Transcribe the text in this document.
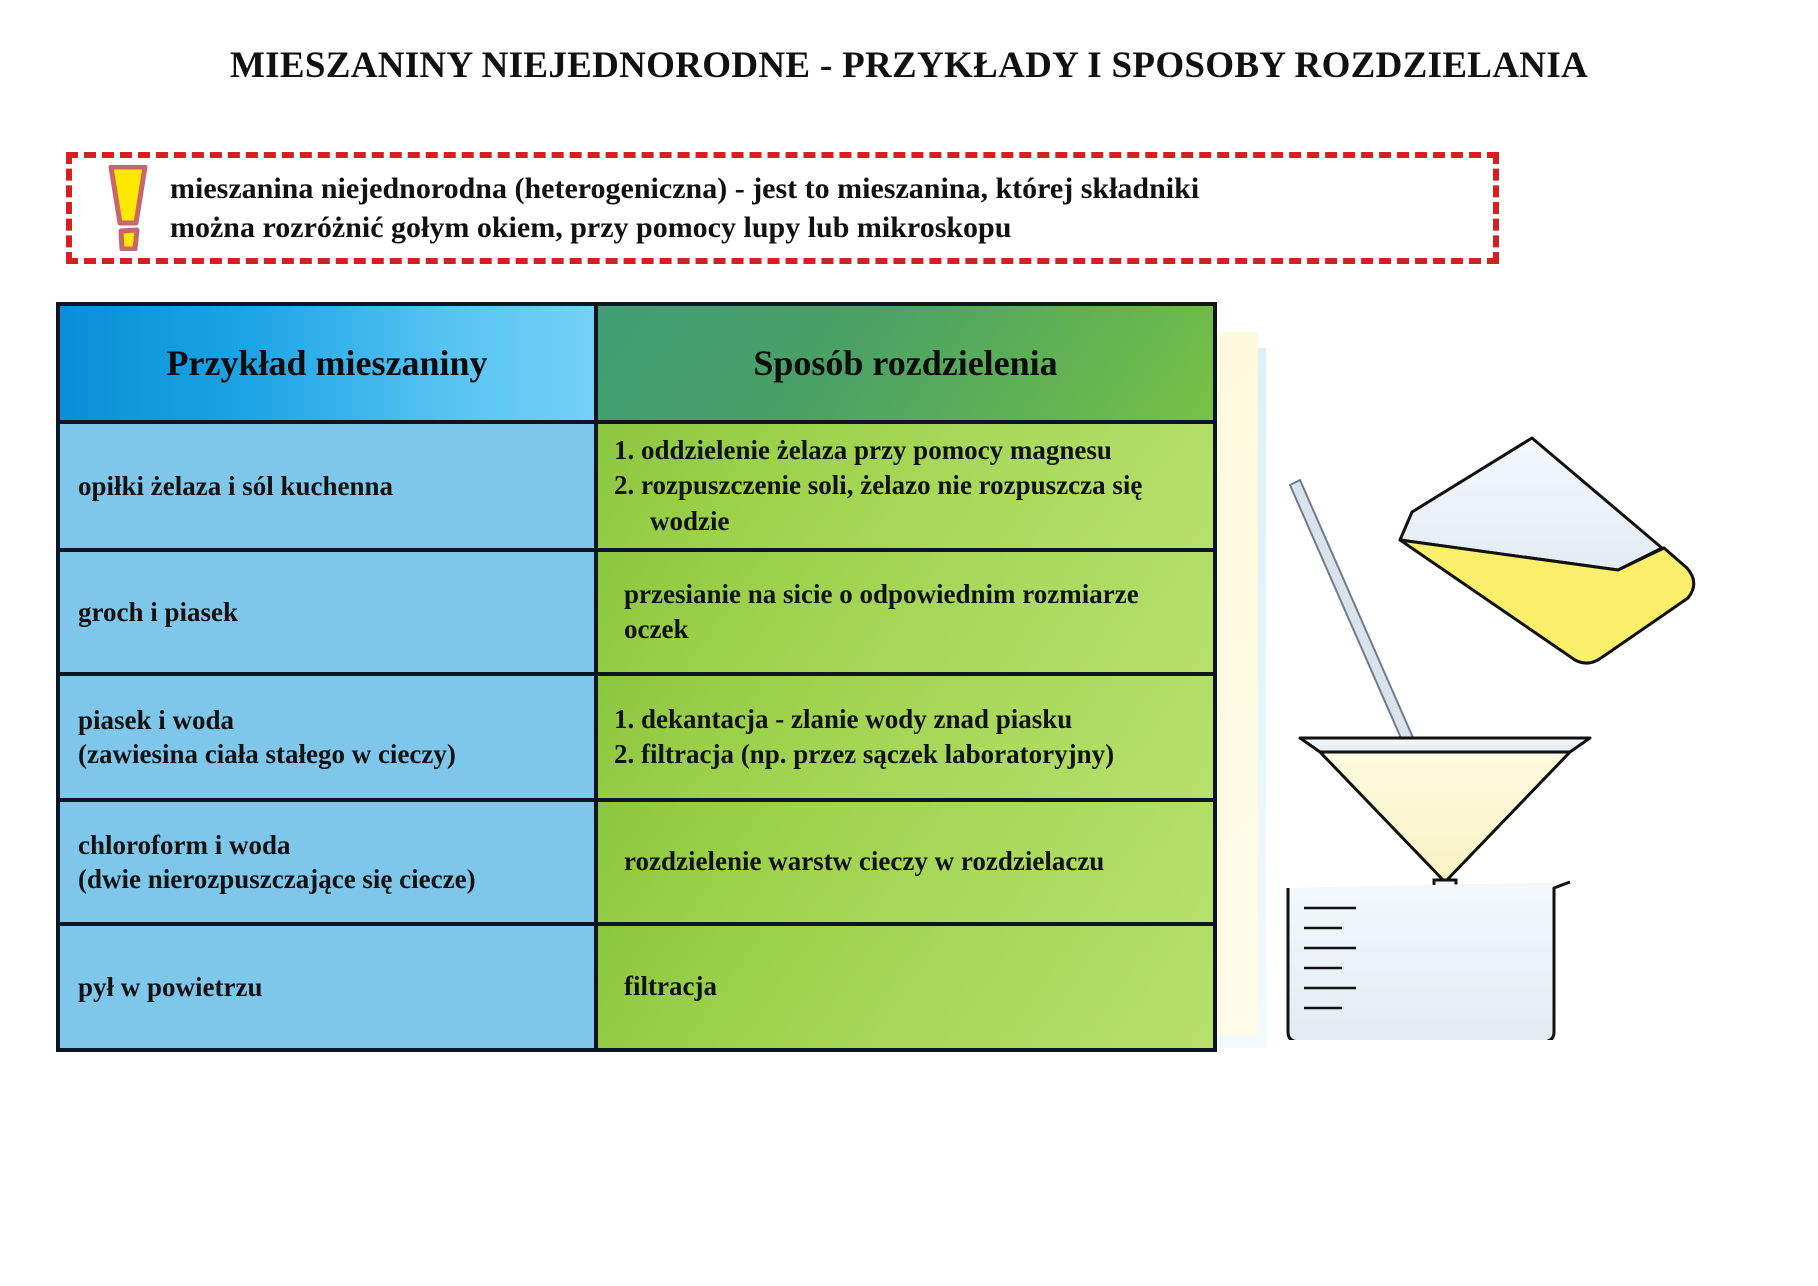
MIESZANINY NIEJEDNORODNE - PRZYKŁADY I SPOSOBY ROZDZIELANIA
mieszanina niejednorodna (heterogeniczna) - jest to mieszanina, której składniki
można rozróżnić gołym okiem, przy pomocy lupy lub mikroskopu
Przykład mieszaniny	Sposób rozdzielenia

opiłki żelaza i sól kuchenna	1. oddzielenie żelaza przy pomocy magnesu
2. rozpuszczenie soli, żelazo nie rozpuszcza się
wodzie

groch i piasek	przesianie na sicie o odpowiednim rozmiarze
oczek

piasek i woda
(zawiesina ciała stałego w cieczy)	1. dekantacja - zlanie wody znad piasku
2. filtracja (np. przez sączek laboratoryjny)

chloroform i woda
(dwie nierozpuszczające się ciecze)	rozdzielenie warstw cieczy w rozdzielaczu

pył w powietrzu	filtracja
